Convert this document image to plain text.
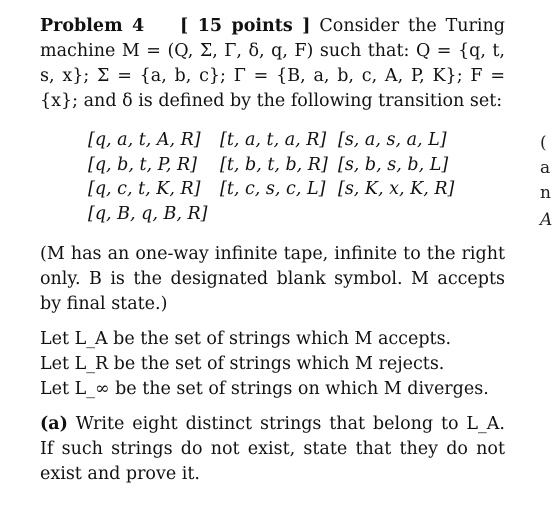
Problem 4 [ 15 points ] Consider the Turing machine M = (Q, Σ, Γ, δ, q, F) such that: Q = {q, t, s, x}; Σ = {a, b, c}; Γ = {B, a, b, c, A, P, K}; F = {x}; and δ is defined by the following transition set:
[q, a, t, A, R]	[t, a, t, a, R] [s, a, s, a, L]
[q, b, t, P, R]	[t, b, t, b, R] [s, b, s, b, L]
[q, c, t, K, R]	[t, c, s, c, L] [s, K, x, K, R]
[q, B, q, B, R]
(M has an one-way infinite tape, infinite to the right only. B is the designated blank symbol. M accepts by final state.)
Let L_A be the set of strings which M accepts.
Let L_R be the set of strings which M rejects.
Let L_∞ be the set of strings on which M diverges.
(a) Write eight distinct strings that belong to L_A. If such strings do not exist, state that they do not exist and prove it.
(
a
n
A
